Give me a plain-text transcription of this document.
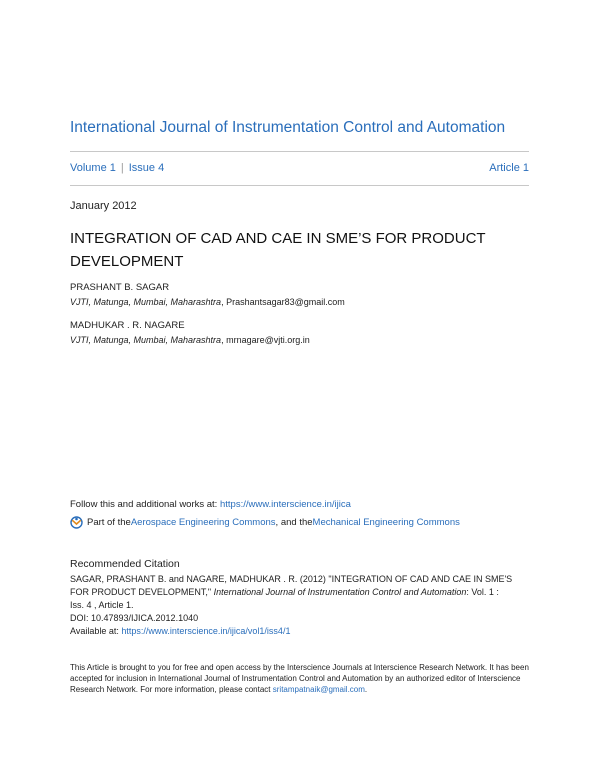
International Journal of Instrumentation Control and Automation
Volume 1 | Issue 4	Article 1
January 2012
INTEGRATION OF CAD AND CAE IN SME’S FOR PRODUCT DEVELOPMENT
PRASHANT B. SAGAR
VJTI, Matunga, Mumbai, Maharashtra, Prashantsagar83@gmail.com
MADHUKAR . R. NAGARE
VJTI, Matunga, Mumbai, Maharashtra, mrnagare@vjti.org.in
Follow this and additional works at: https://www.interscience.in/ijica
Part of the Aerospace Engineering Commons , and the Mechanical Engineering Commons
Recommended Citation
SAGAR, PRASHANT B. and NAGARE, MADHUKAR . R. (2012) "INTEGRATION OF CAD AND CAE IN SME'S
FOR PRODUCT DEVELOPMENT," International Journal of Instrumentation Control and Automation: Vol. 1 :
Iss. 4 , Article 1.
DOI: 10.47893/IJICA.2012.1040
Available at: https://www.interscience.in/ijica/vol1/iss4/1
This Article is brought to you for free and open access by the Interscience Journals at Interscience Research Network. It has been accepted for inclusion in International Journal of Instrumentation Control and Automation by an authorized editor of Interscience Research Network. For more information, please contact sritampatnaik@gmail.com.
